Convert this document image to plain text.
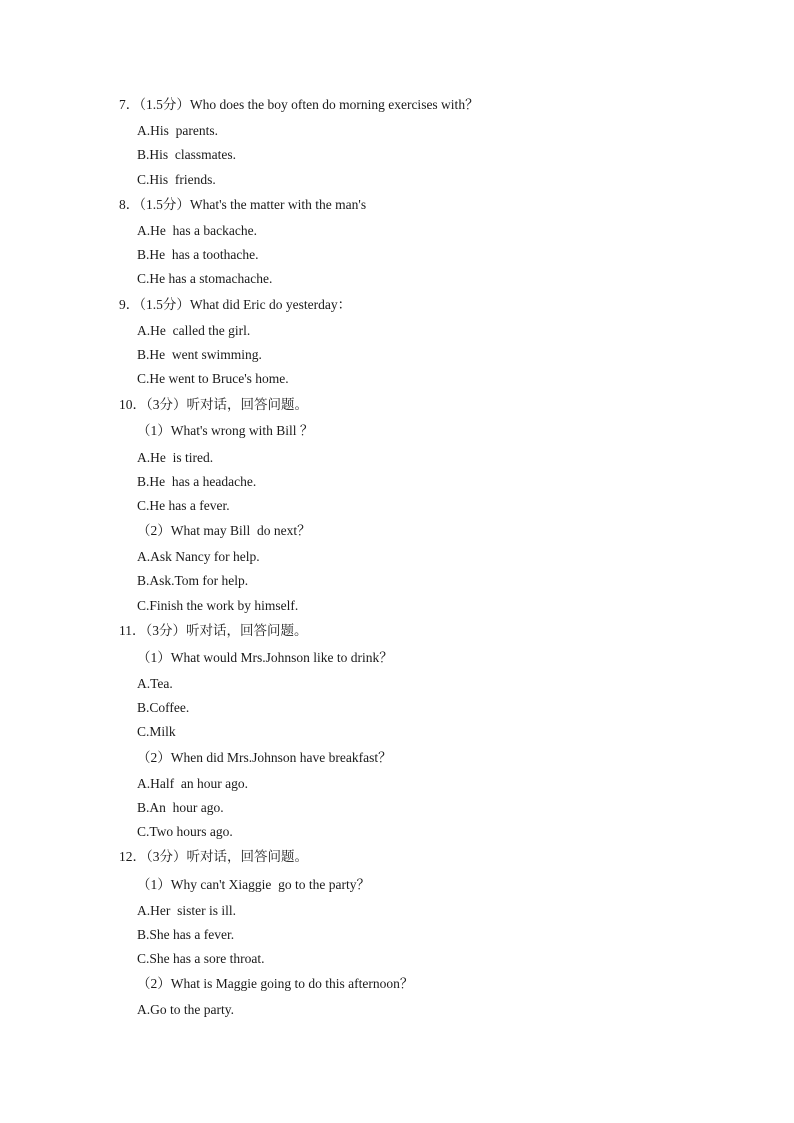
7．（1.5分）Who does the boy often do morning exercises with？
A.His  parents.
B.His  classmates.
C.His  friends.
8．（1.5分）What's the matter with the man's
A.He  has a backache.
B.He  has a toothache.
C.He has a stomachache.
9．（1.5分）What did Eric do yesterday：
A.He  called the girl.
B.He  went swimming.
C.He went to Bruce's home.
10．（3分）听对话，回答问题。
（1）What's wrong with Bill ？
A.He  is tired.
B.He  has a headache.
C.He has a fever.
（2）What may Bill  do next？
A.Ask Nancy for help.
B.Ask.Tom for help.
C.Finish the work by himself.
11．（3分）听对话，回答问题。
（1）What would Mrs.Johnson like to drink？
A.Tea.
B.Coffee.
C.Milk
（2）When did Mrs.Johnson have breakfast？
A.Half  an hour ago.
B.An  hour ago.
C.Two hours ago.
12．（3分）听对话，回答问题。
（1）Why can't Xiaggie  go to the party？
A.Her  sister is ill.
B.She has a fever.
C.She has a sore throat.
（2）What is Maggie going to do this afternoon？
A.Go to the party.
